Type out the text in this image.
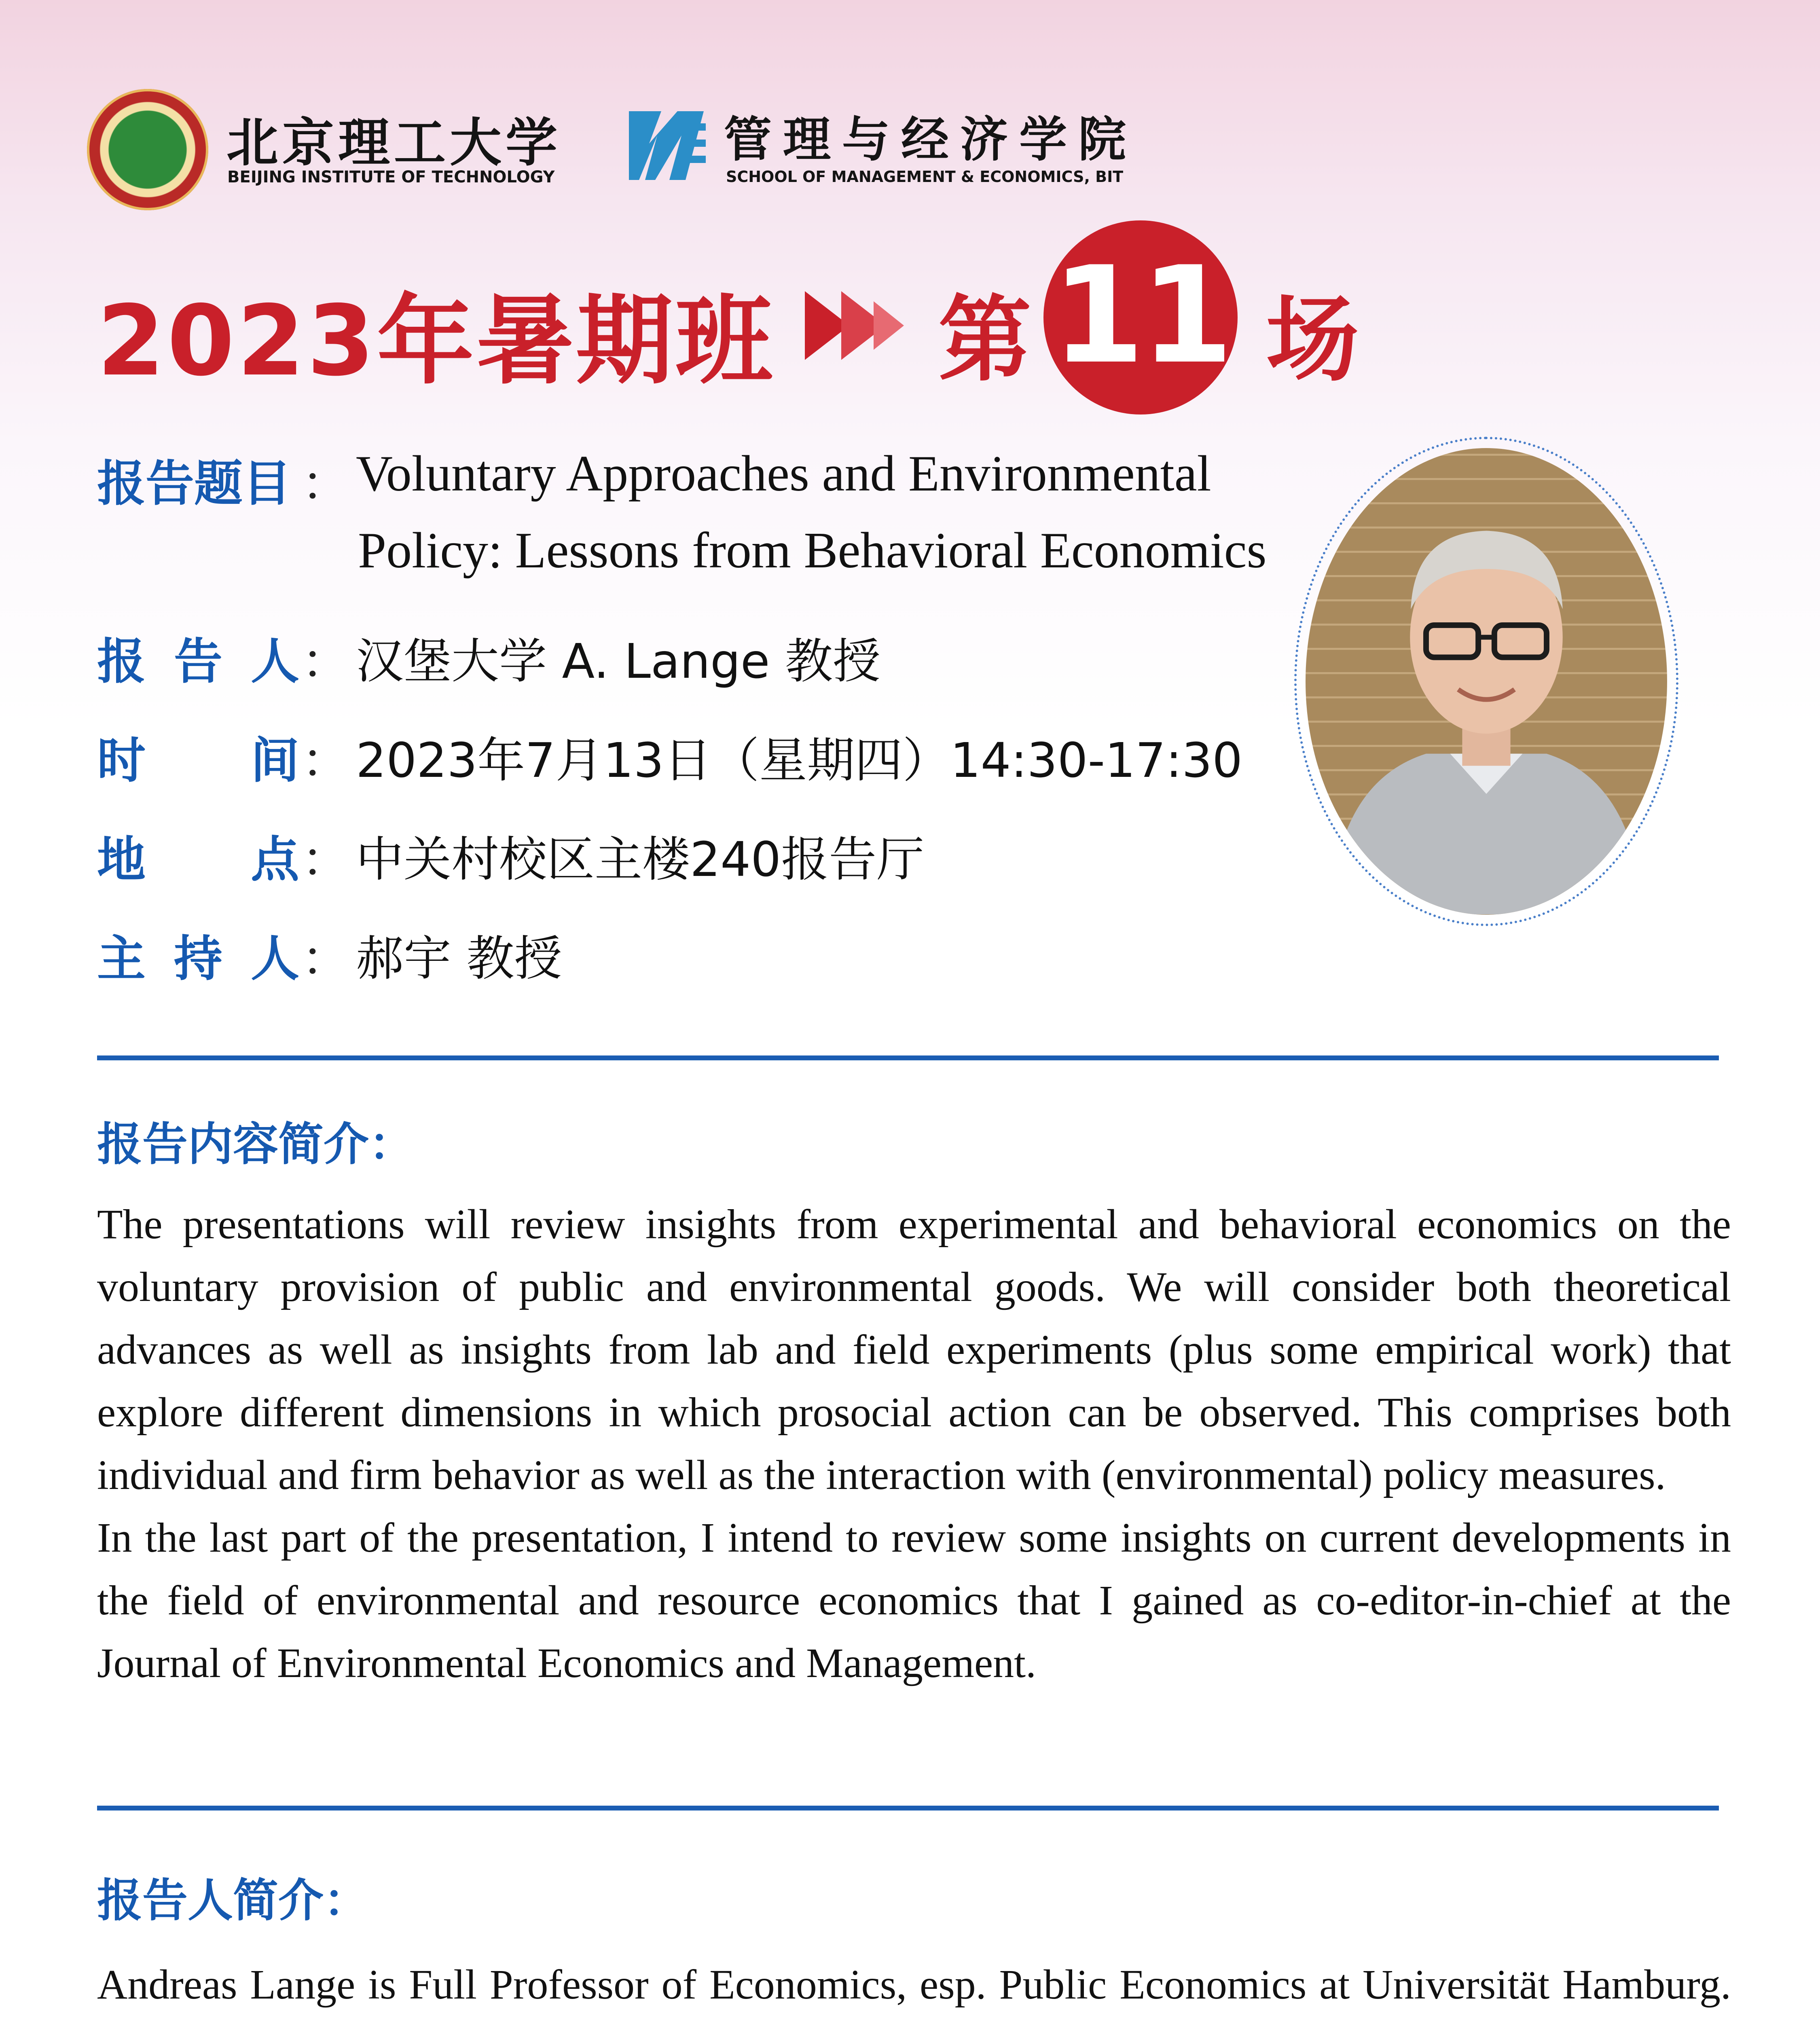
北京理工大学
BEIJING INSTITUTE OF TECHNOLOGY
管理与经济学院
SCHOOL OF MANAGEMENT & ECONOMICS, BIT
2023年暑期班 第 11 场
报告题目 ： Voluntary Approaches and Environmental
Policy: Lessons from Behavioral Economics
报 告 人 ： 汉堡大学 A. Lange 教授
时 间 ： 2023年7月13日（星期四）14:30-17:30
地 点 ： 中关村校区主楼240报告厅
主 持 人 ： 郝宇 教授
报告内容简介：

The presentations will review insights from experimental and behavioral economics on the voluntary provision of public and environmental goods. We will consider both theoretical advances as well as insights from lab and field experiments (plus some empirical work) that explore different dimensions in which prosocial action can be observed. This comprises both individual and firm behavior as well as the interaction with (environmental) policy measures.

In the last part of the presentation, I intend to review some insights on current developments in the field of environmental and resource economics that I gained as co-editor-in-chief at the Journal of Environmental Economics and Management.

报告人简介：

Andreas Lange is Full Professor of Economics, esp. Public Economics at Universität Hamburg.
